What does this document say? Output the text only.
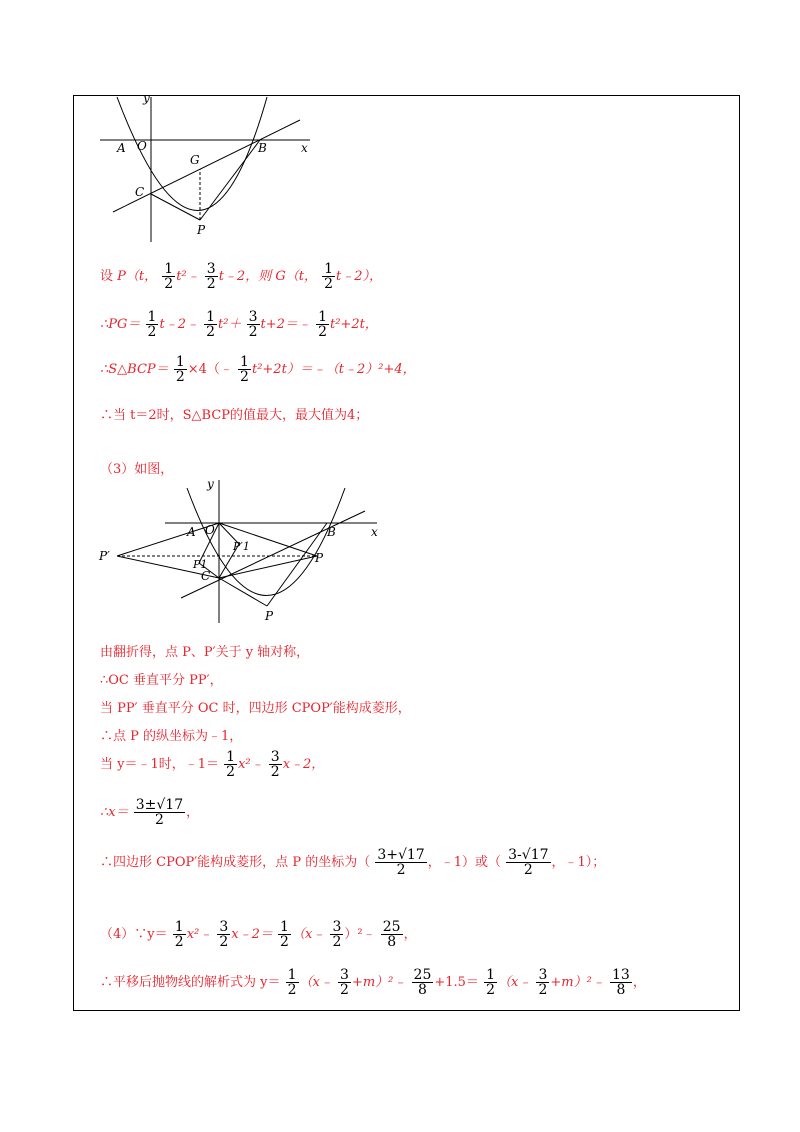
y
x
A O	B
G
C
P
设 P（t， $\frac{1}{2}$ t²﹣ $\frac{3}{2}$ t﹣2，则 G（t， $\frac{1}{2}$ t﹣2），
∴PG＝ $\frac{1}{2}$ t﹣2﹣ $\frac{1}{2} t^2+ \frac{3}{2}$ t+2＝﹣ $\frac{1}{2} t^2+2t$，
∴S△BCP＝ $\frac{1}{2}$ ×4（﹣ $\frac{1}{2}$ t²+2t）＝﹣（t﹣2）²+4，
∴当 t＝2时，S△BCP的值最大，最大值为4；
（3）如图，
y
x
A O	B
P′
P′1
P1
C
P
P
由翻折得，点 P、P′关于 y 轴对称，
∴OC 垂直平分 PP′，
当 PP′ 垂直平分 OC 时，四边形 CPOP′能构成菱形，
∴点 P 的纵坐标为﹣1，
当 y＝﹣1时，﹣1＝ $\frac{1}{2}$ x²﹣ $\frac{3}{2}$ x﹣2，
∴x＝ $\frac{3\pm√17}{2}$ ，
∴四边形 CPOP′能构成菱形，点 P 的坐标为（ $\frac{3+√17}{2}$ ，﹣1）或（ $\frac{3-√17}{2}$ ，﹣1）；
（4）∵y＝ $\frac{1}{2}$ x²﹣ $\frac{3}{2}$ x﹣2＝ $\frac{1}{2}$ （x﹣ $\frac{3}{2}$ ）²﹣ $\frac{25}{8}$ ，
∴平移后抛物线的解析式为 $y= \frac{1}{2}$ （x﹣ $\frac{3}{2}$ +m）²﹣ $\frac{25}{8} +1.5= \frac{1}{2}$ （x﹣ $\frac{3}{2}$ +m）²﹣ $\frac{13}{8}$ ，
